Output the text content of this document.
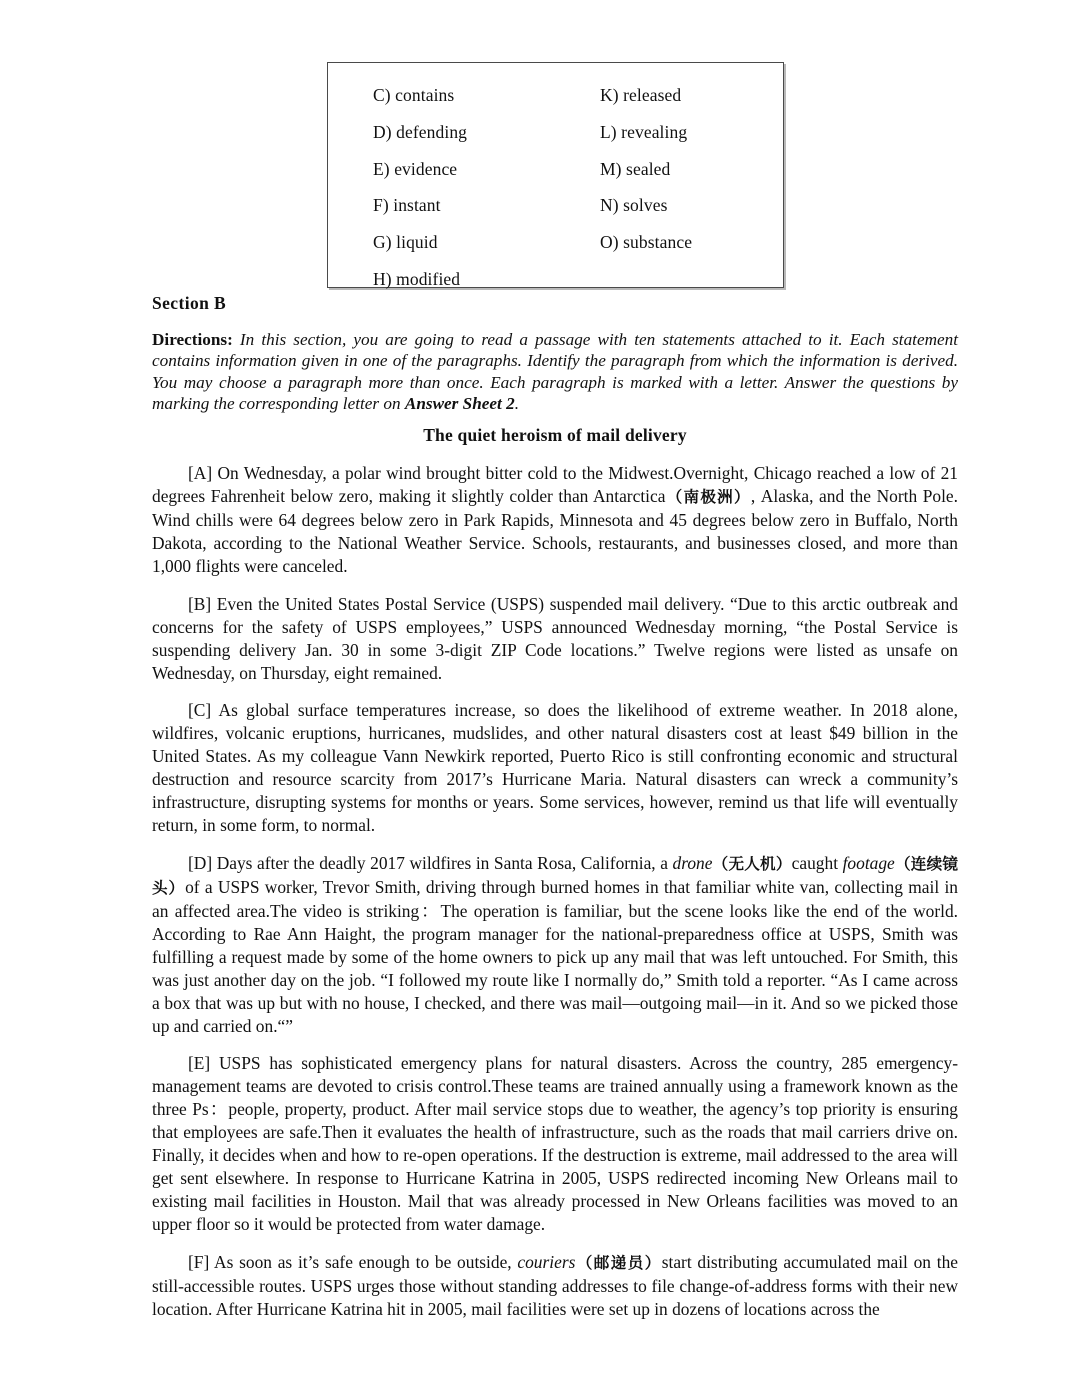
C) contains
D) defending
E) evidence
F) instant
G) liquid
H) modified
K) released
L) revealing
M) sealed
N) solves
O) substance
Section B
Directions: In this section, you are going to read a passage with ten statements attached to it. Each statement contains information given in one of the paragraphs. Identify the paragraph from which the information is derived. You may choose a paragraph more than once. Each paragraph is marked with a letter. Answer the questions by marking the corresponding letter on Answer Sheet 2.
The quiet heroism of mail delivery

[A] On Wednesday, a polar wind brought bitter cold to the Midwest.Overnight, Chicago reached a low of 21 degrees Fahrenheit below zero, making it slightly colder than Antarctica（南极洲）, Alaska, and the North Pole. Wind chills were 64 degrees below zero in Park Rapids, Minnesota and 45 degrees below zero in Buffalo, North Dakota, according to the National Weather Service. Schools, restaurants, and businesses closed, and more than 1,000 flights were canceled.

[B] Even the United States Postal Service (USPS) suspended mail delivery. “Due to this arctic outbreak and concerns for the safety of USPS employees,” USPS announced Wednesday morning, “the Postal Service is suspending delivery Jan. 30 in some 3-digit ZIP Code locations.” Twelve regions were listed as unsafe on Wednesday, on Thursday, eight remained.

[C] As global surface temperatures increase, so does the likelihood of extreme weather. In 2018 alone, wildfires, volcanic eruptions, hurricanes, mudslides, and other natural disasters cost at least $49 billion in the United States. As my colleague Vann Newkirk reported, Puerto Rico is still confronting economic and structural destruction and resource scarcity from 2017’s Hurricane Maria. Natural disasters can wreck a community’s infrastructure, disrupting systems for months or years. Some services, however, remind us that life will eventually return, in some form, to normal.

[D] Days after the deadly 2017 wildfires in Santa Rosa, California, a drone（无人机）caught footage（连续镜头）of a USPS worker, Trevor Smith, driving through burned homes in that familiar white van, collecting mail in an affected area.The video is striking：The operation is familiar, but the scene looks like the end of the world. According to Rae Ann Haight, the program manager for the national-preparedness office at USPS, Smith was fulfilling a request made by some of the home owners to pick up any mail that was left untouched. For Smith, this was just another day on the job. “I followed my route like I normally do,” Smith told a reporter. “As I came across a box that was up but with no house, I checked, and there was mail—outgoing mail—in it. And so we picked those up and carried on.“”

[E] USPS has sophisticated emergency plans for natural disasters. Across the country, 285 emergency-management teams are devoted to crisis control.These teams are trained annually using a framework known as the three Ps：people, property, product. After mail service stops due to weather, the agency’s top priority is ensuring that employees are safe.Then it evaluates the health of infrastructure, such as the roads that mail carriers drive on. Finally, it decides when and how to re-open operations. If the destruction is extreme, mail addressed to the area will get sent elsewhere. In response to Hurricane Katrina in 2005, USPS redirected incoming New Orleans mail to existing mail facilities in Houston. Mail that was already processed in New Orleans facilities was moved to an upper floor so it would be protected from water damage.

[F] As soon as it’s safe enough to be outside, couriers（邮递员）start distributing accumulated mail on the still-accessible routes. USPS urges those without standing addresses to file change-of-address forms with their new location. After Hurricane Katrina hit in 2005, mail facilities were set up in dozens of locations across the
